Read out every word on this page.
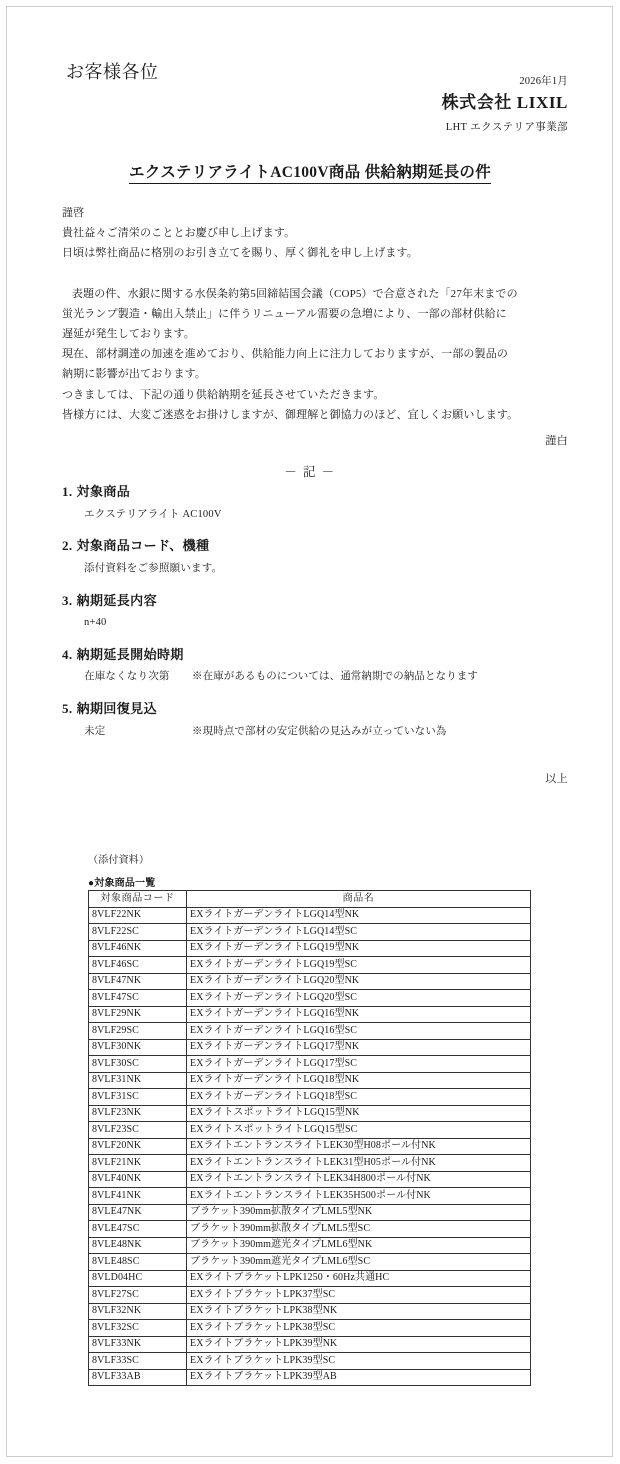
お客様各位	2026年1月
株式会社 LIXIL
LHT エクステリア事業部
エクステリアライトAC100V商品 供給納期延長の件

謹啓

貴社益々ご清栄のこととお慶び申し上げます。

日頃は弊社商品に格別のお引き立てを賜り、厚く御礼を申し上げます。

表題の件、水銀に関する水俣条約第5回締結国会議（COP5）で合意された「27年末までの

蛍光ランプ製造・輸出入禁止」に伴うリニューアル需要の急増により、一部の部材供給に

遅延が発生しております。

現在、部材調達の加速を進めており、供給能力向上に注力しておりますが、一部の製品の

納期に影響が出ております。

つきましては、下記の通り供給納期を延長させていただきます。

皆様方には、大変ご迷惑をお掛けしますが、御理解と御協力のほど、宜しくお願いします。

謹白
－ 記 －
1. 対象商品
エクステリアライト AC100V
2. 対象商品コード、機種
添付資料をご参照願います。
3. 納期延長内容
n+40
4. 納期延長開始時期
在庫なくなり次第	※在庫があるものについては、通常納期での納品となります
5. 納期回復見込
未定	※現時点で部材の安定供給の見込みが立っていない為
以上
（添付資料）
●対象商品一覧
対象商品コード	商品名
8VLF22NK	EXライトガーデンライトLGQ14型NK
8VLF22SC	EXライトガーデンライトLGQ14型SC
8VLF46NK	EXライトガーデンライトLGQ19型NK
8VLF46SC	EXライトガーデンライトLGQ19型SC
8VLF47NK	EXライトガーデンライトLGQ20型NK
8VLF47SC	EXライトガーデンライトLGQ20型SC
8VLF29NK	EXライトガーデンライトLGQ16型NK
8VLF29SC	EXライトガーデンライトLGQ16型SC
8VLF30NK	EXライトガーデンライトLGQ17型NK
8VLF30SC	EXライトガーデンライトLGQ17型SC
8VLF31NK	EXライトガーデンライトLGQ18型NK
8VLF31SC	EXライトガーデンライトLGQ18型SC
8VLF23NK	EXライトスポットライトLGQ15型NK
8VLF23SC	EXライトスポットライトLGQ15型SC
8VLF20NK	EXライトエントランスライトLEK30型H08ポール付NK
8VLF21NK	EXライトエントランスライトLEK31型H05ポール付NK
8VLF40NK	EXライトエントランスライトLEK34H800ポール付NK
8VLF41NK	EXライトエントランスライトLEK35H500ポール付NK
8VLE47NK	ブラケット390mm拡散タイプLML5型NK
8VLE47SC	ブラケット390mm拡散タイプLML5型SC
8VLE48NK	ブラケット390mm遮光タイプLML6型NK
8VLE48SC	ブラケット390mm遮光タイプLML6型SC
8VLD04HC	EXライトブラケットLPK1250・60Hz共通HC
8VLF27SC	EXライトブラケットLPK37型SC
8VLF32NK	EXライトブラケットLPK38型NK
8VLF32SC	EXライトブラケットLPK38型SC
8VLF33NK	EXライトブラケットLPK39型NK
8VLF33SC	EXライトブラケットLPK39型SC
8VLF33AB	EXライトブラケットLPK39型AB
